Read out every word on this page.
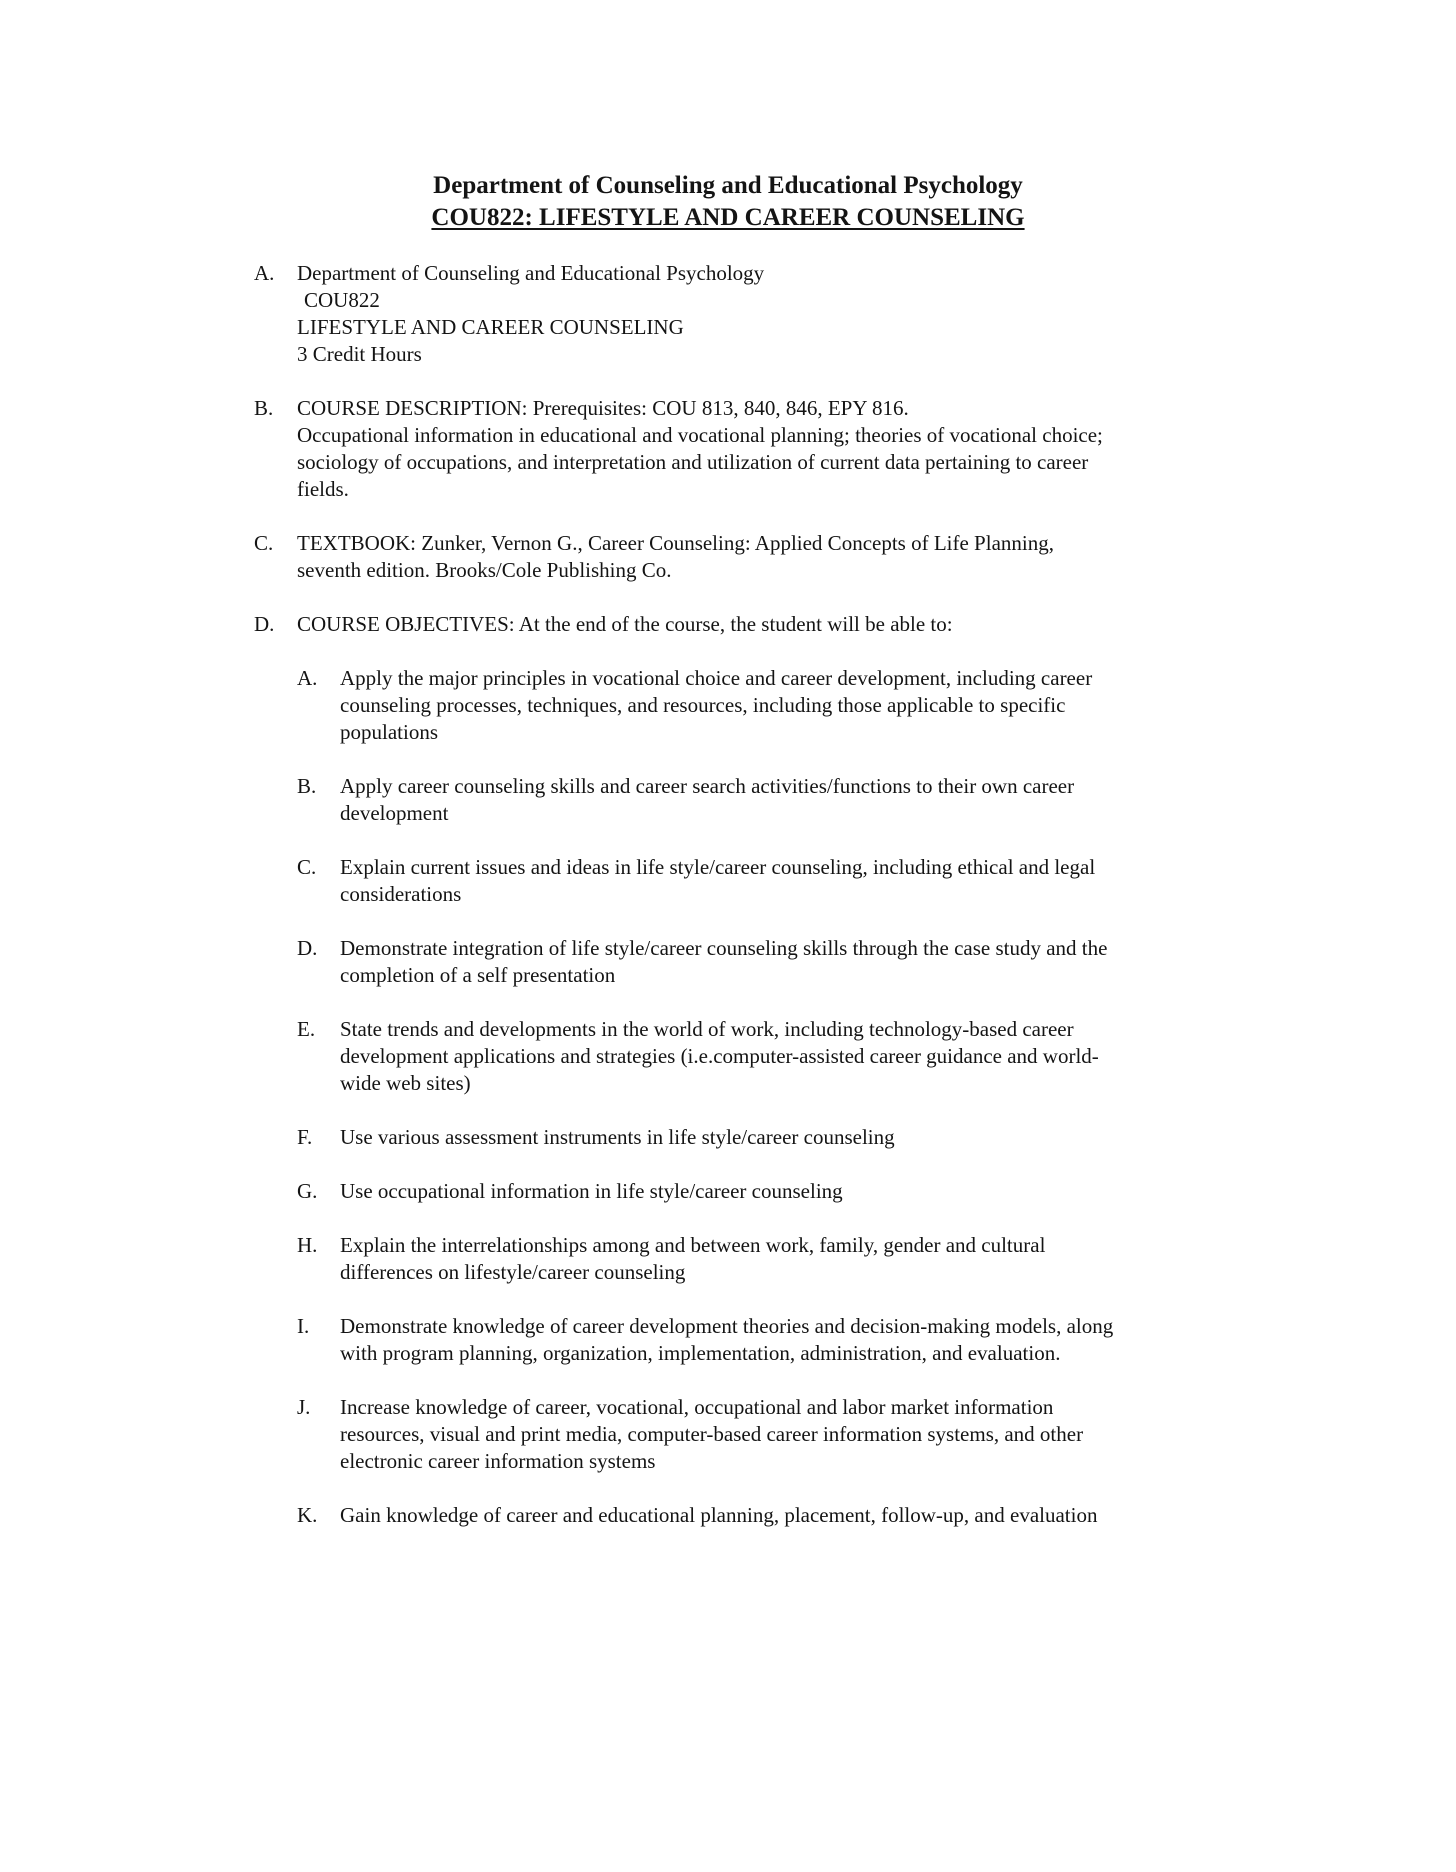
Department of Counseling and Educational Psychology
COU822: LIFESTYLE AND CAREER COUNSELING
A.	Department of Counseling and Educational Psychology
COU822
LIFESTYLE AND CAREER COUNSELING
3 Credit Hours
B.	COURSE DESCRIPTION: Prerequisites: COU 813, 840, 846, EPY 816.
Occupational information in educational and vocational planning; theories of vocational choice;
sociology of occupations, and interpretation and utilization of current data pertaining to career
fields.
C.	TEXTBOOK: Zunker, Vernon G., Career Counseling: Applied Concepts of Life Planning,
seventh edition. Brooks/Cole Publishing Co.
D.	COURSE OBJECTIVES: At the end of the course, the student will be able to:
A.	Apply the major principles in vocational choice and career development, including career
counseling processes, techniques, and resources, including those applicable to specific
populations
B.	Apply career counseling skills and career search activities/functions to their own career
development
C.	Explain current issues and ideas in life style/career counseling, including ethical and legal
considerations
D.	Demonstrate integration of life style/career counseling skills through the case study and the
completion of a self presentation
E.	State trends and developments in the world of work, including technology-based career
development applications and strategies (i.e.computer-assisted career guidance and world-
wide web sites)
F.	Use various assessment instruments in life style/career counseling
G.	Use occupational information in life style/career counseling
H.	Explain the interrelationships among and between work, family, gender and cultural
differences on lifestyle/career counseling
I.	Demonstrate knowledge of career development theories and decision-making models, along
with program planning, organization, implementation, administration, and evaluation.
J.	Increase knowledge of career, vocational, occupational and labor market information
resources, visual and print media, computer-based career information systems, and other
electronic career information systems
K.	Gain knowledge of career and educational planning, placement, follow-up, and evaluation
